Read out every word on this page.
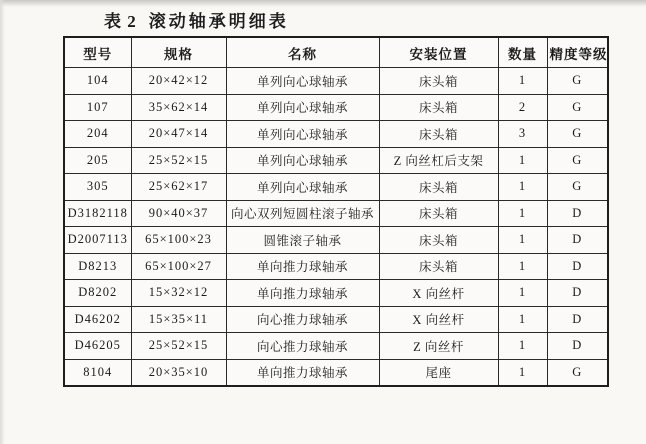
表 2 滚动轴承明细表
型号	规格	名称	安装位置	数量	精度等级
104	20×42×12	单列向心球轴承	床头箱	1	G
107	35×62×14	单列向心球轴承	床头箱	2	G
204	20×47×14	单列向心球轴承	床头箱	3	G
205	25×52×15	单列向心球轴承	Z 向丝杠后支架	1	G
305	25×62×17	单列向心球轴承	床头箱	1	G
D3182118	90×40×37	向心双列短圆柱滚子轴承	床头箱	1	D
D2007113	65×100×23	圆锥滚子轴承	床头箱	1	D
D8213	65×100×27	单向推力球轴承	床头箱	1	D
D8202	15×32×12	单向推力球轴承	X 向丝杆	1	D
D46202	15×35×11	向心推力球轴承	X 向丝杆	1	D
D46205	25×52×15	向心推力球轴承	Z 向丝杆	1	D
8104	20×35×10	单向推力球轴承	尾座	1	G
